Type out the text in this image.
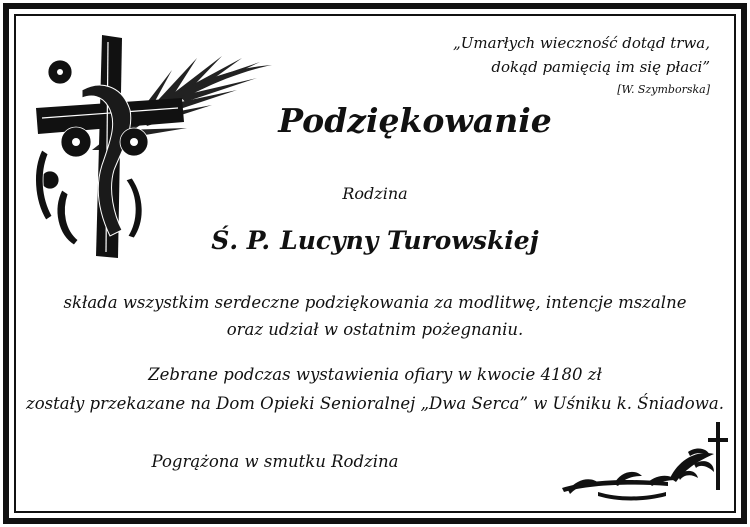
„Umarłych wieczność dotąd trwa,
dokąd pamięcią im się płaci”
[W. Szymborska]
Podziękowanie
Rodzina
Ś. P. Lucyny Turowskiej
składa wszystkim serdeczne podziękowania za modlitwę, intencje mszalne
oraz udział w ostatnim pożegnaniu.
Zebrane podczas wystawienia ofiary w kwocie 4180 zł
zostały przekazane na Dom Opieki Senioralnej „Dwa Serca” w Uśniku k. Śniadowa.
Pogrążona w smutku Rodzina
